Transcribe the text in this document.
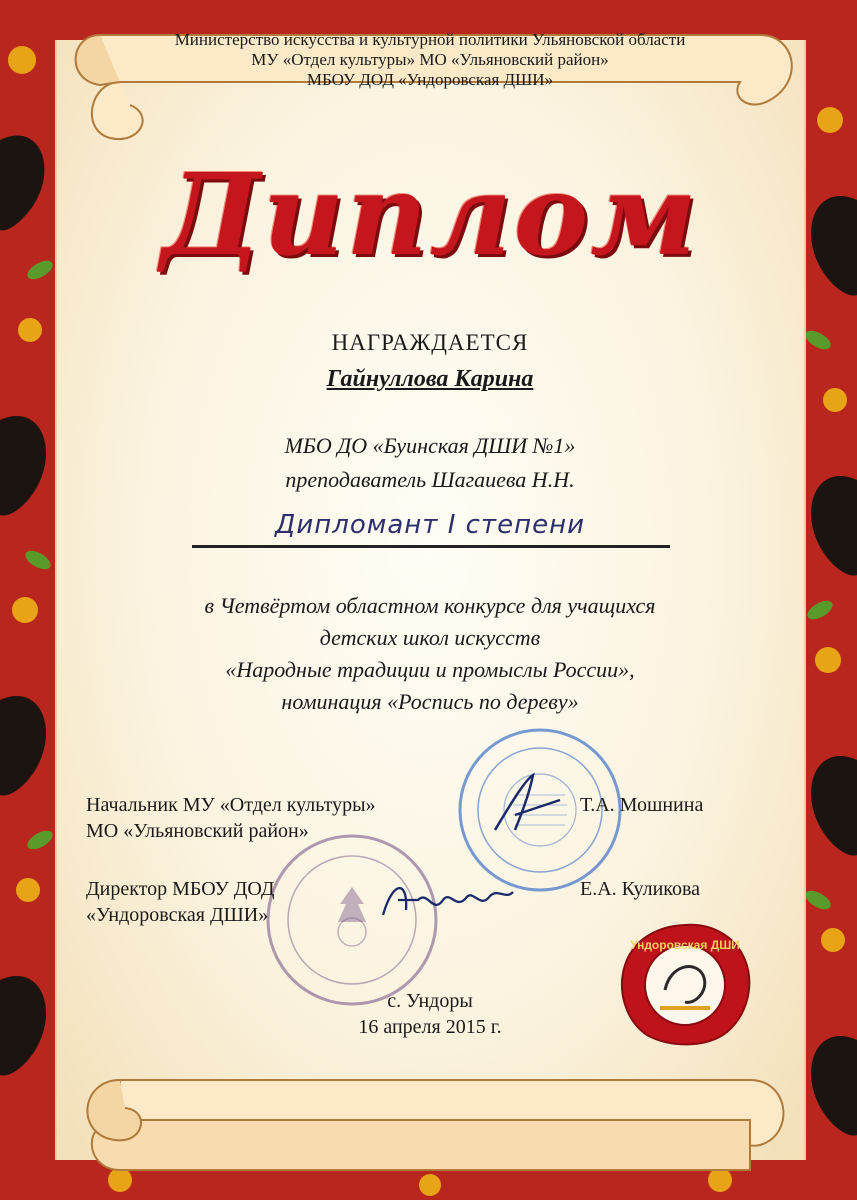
Министерство искусства и культурной политики Ульяновской области
МУ «Отдел культуры» МО «Ульяновский район»
МБОУ ДОД «Ундоровская ДШИ»
Диплом
НАГРАЖДАЕТСЯ
Гайнуллова Карина
МБО ДО «Буинская ДШИ №1»
преподаватель Шагаиева Н.Н.
Дипломант I степени
в Четвёртом областном конкурсе для учащихся
детских школ искусств
«Народные традиции и промыслы России»,
номинация «Роспись по дереву»
Начальник МУ «Отдел культуры»
МО «Ульяновский район»
Т.А. Мошнина
Директор МБОУ ДОД
«Ундоровская ДШИ»
Е.А. Куликова
Ундоровская ДШИ
с. Ундоры
16 апреля 2015 г.
